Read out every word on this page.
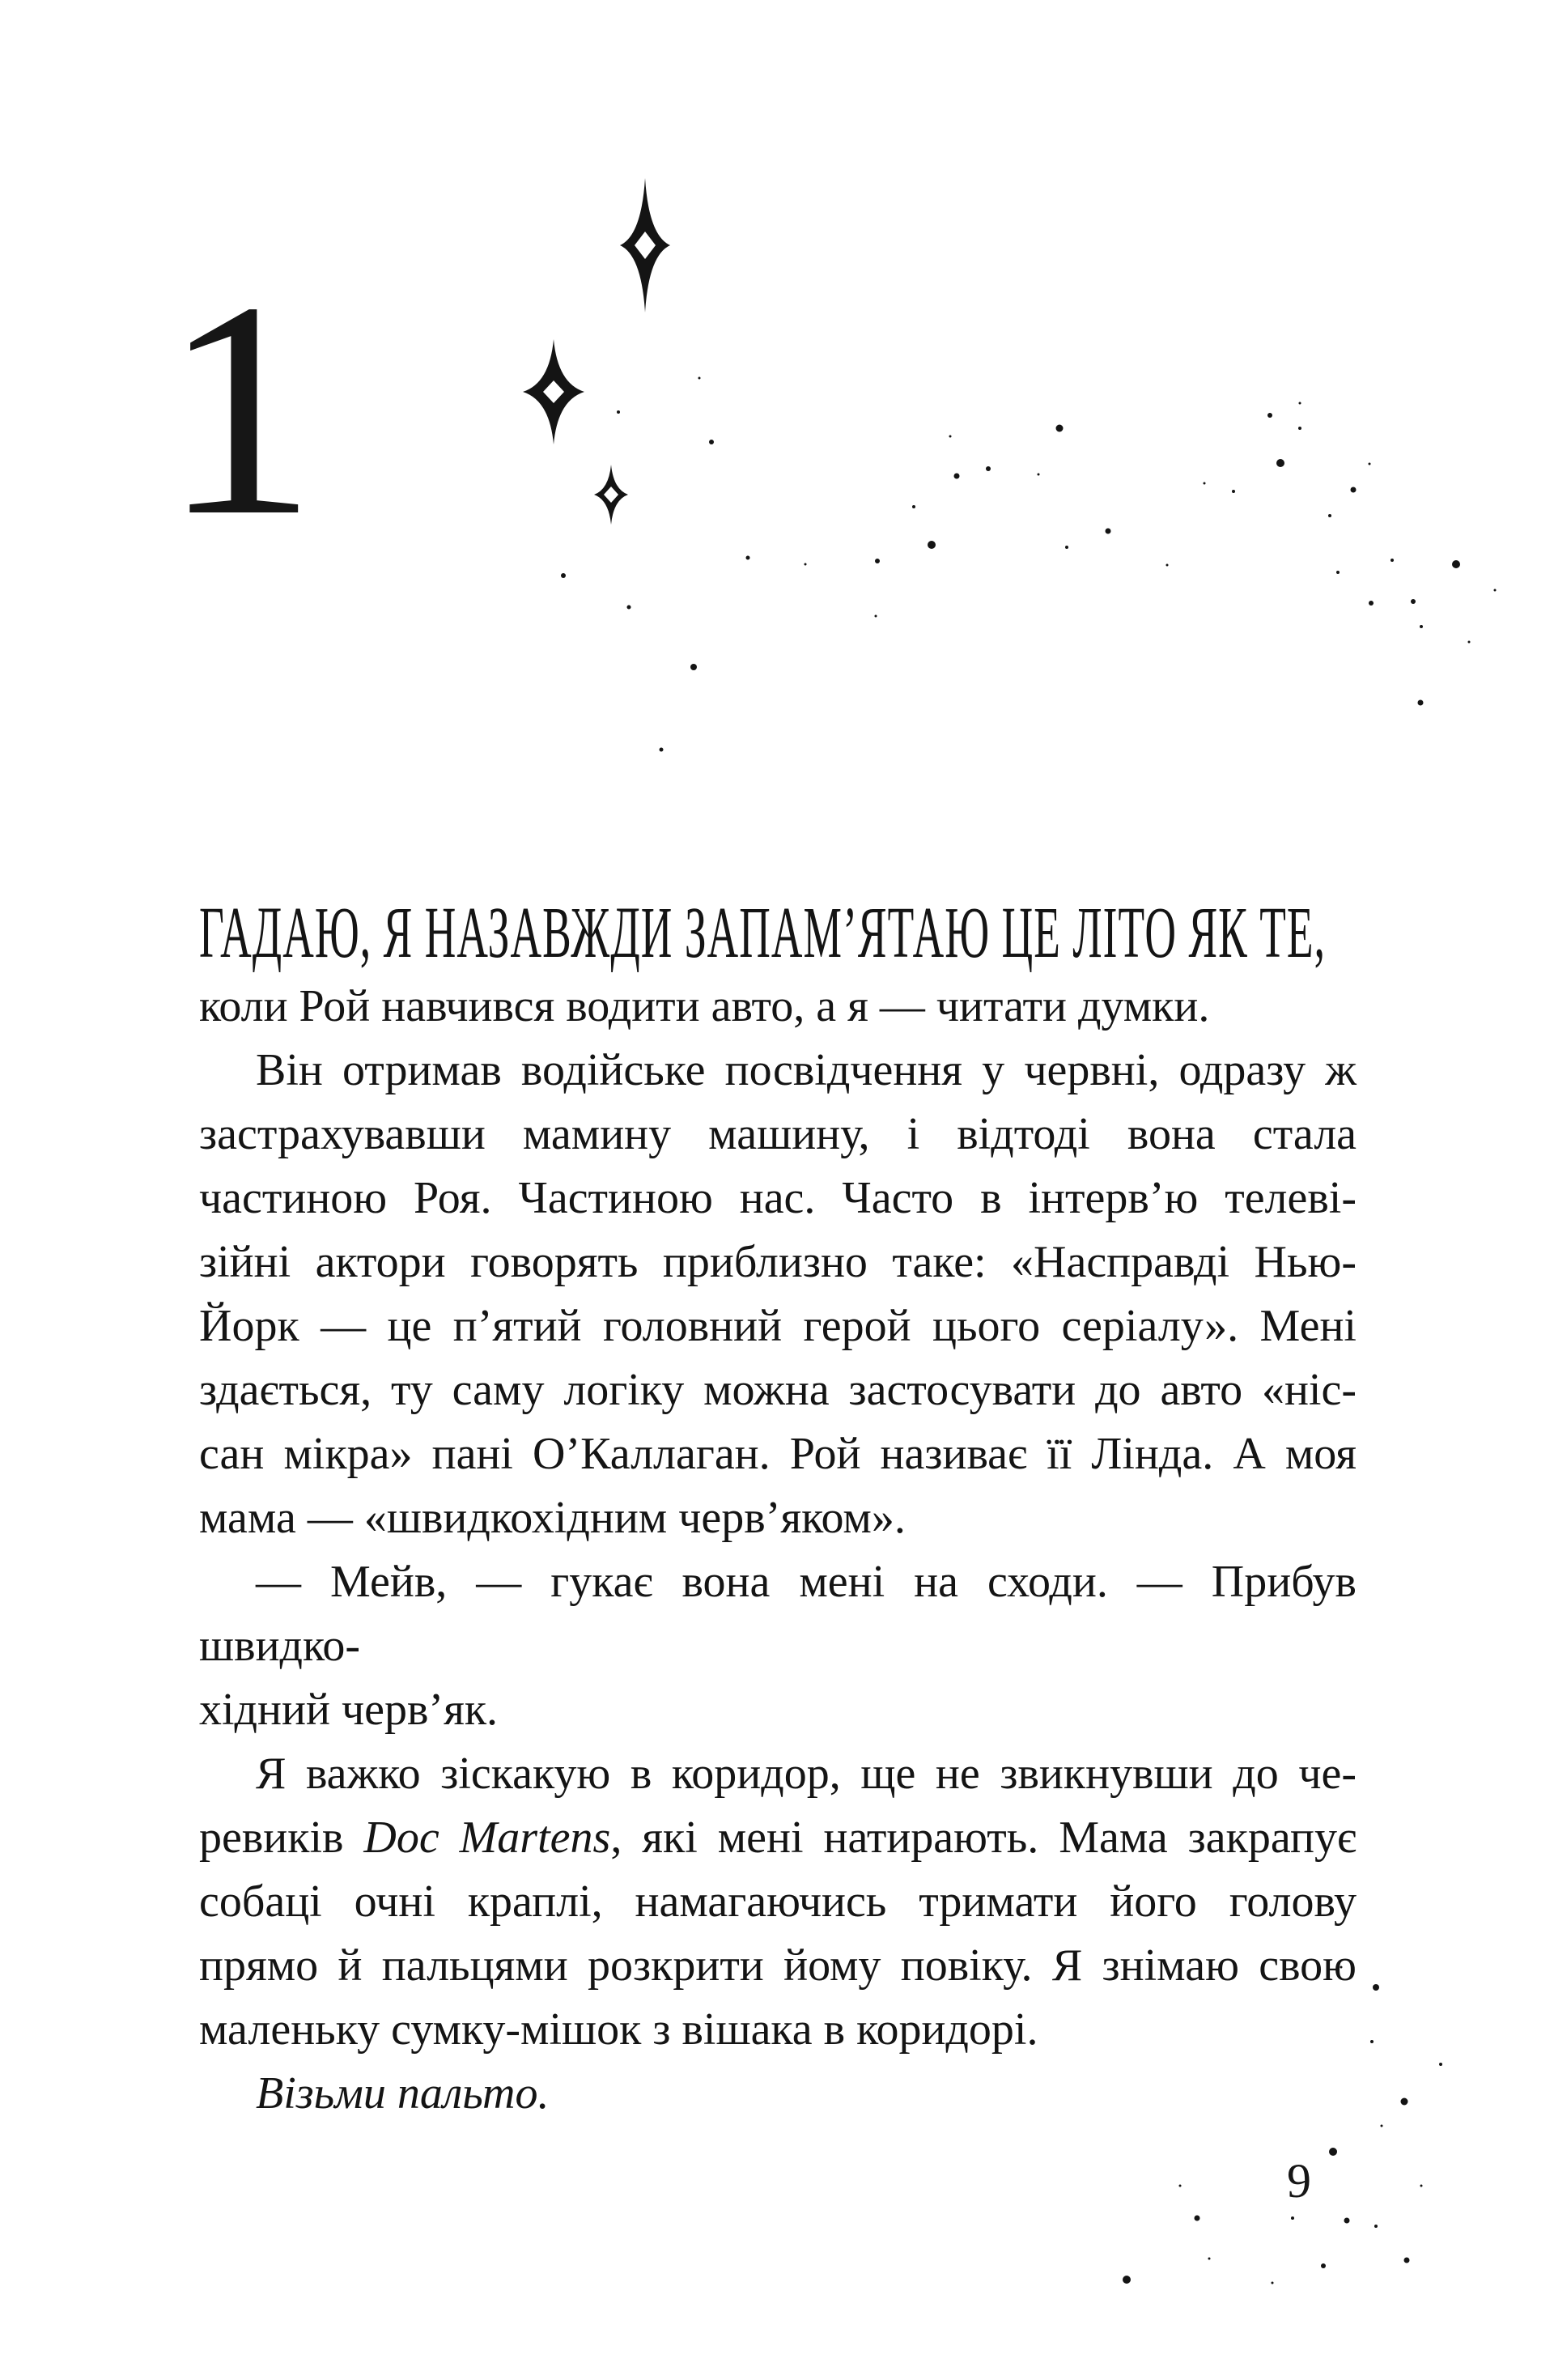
1
ГАДАЮ, Я НАЗАВЖДИ ЗАПАМ’ЯТАЮ ЦЕ ЛІТО ЯК ТЕ,
коли Рой навчився водити авто, а я — читати думки.
Він отримав водійське посвідчення у червні, одразу ж
застрахувавши мамину машину, і відтоді вона стала
частиною Роя. Частиною нас. Часто в інтерв’ю телеві-
зійні актори говорять приблизно таке: «Насправді Нью-
Йорк — це п’ятий головний герой цього серіалу». Мені
здається, ту саму логіку можна застосувати до авто «ніс-
сан мікра» пані О’Каллаган. Рой називає її Лінда. А моя
мама — «швидкохідним черв’яком».
— Мейв, — гукає вона мені на сходи. — Прибув швидко-
хідний черв’як.
Я важко зіскакую в коридор, ще не звикнувши до че-
ревиків Doc Martens, які мені натирають. Мама закрапує
собаці очні краплі, намагаючись тримати його голову
прямо й пальцями розкрити йому повіку. Я знімаю свою
маленьку сумку-мішок з вішака в коридорі.
Візьми пальто.
9
